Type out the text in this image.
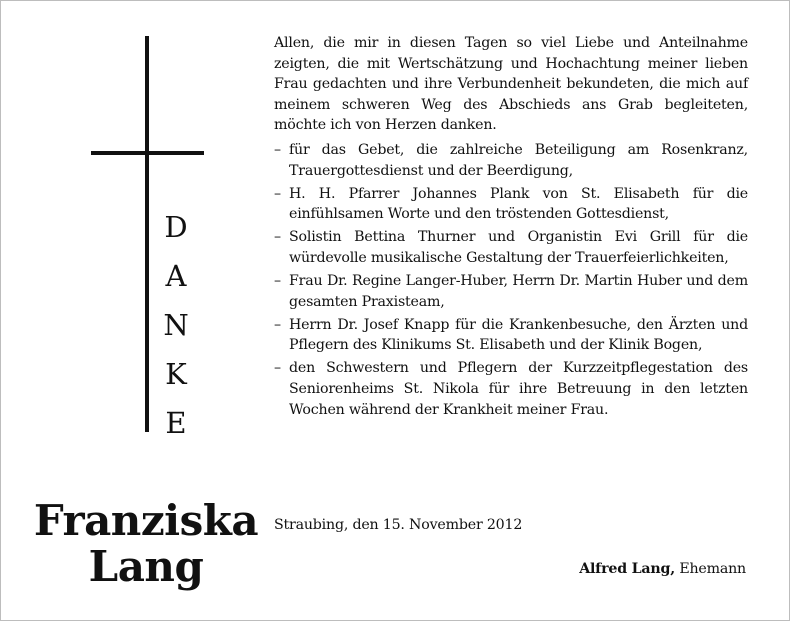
D
A
N
K
E
Franziska
Lang

Allen, die mir in diesen Tagen so viel Liebe und Anteilnahme zeigten, die mit Wertschätzung und Hochachtung meiner lieben Frau gedachten und ihre Verbundenheit bekundeten, die mich auf meinem schweren Weg des Abschieds ans Grab begleiteten, möchte ich von Herzen danken.

– für das Gebet, die zahlreiche Beteiligung am Rosenkranz, Trauergottesdienst und der Beerdigung,
– H. H. Pfarrer Johannes Plank von St. Elisabeth für die einfühlsamen Worte und den tröstenden Gottesdienst,
– Solistin Bettina Thurner und Organistin Evi Grill für die würdevolle musikalische Gestaltung der Trauerfeierlichkeiten,
– Frau Dr. Regine Langer-Huber, Herrn Dr. Martin Huber und dem gesamten Praxisteam,
– Herrn Dr. Josef Knapp für die Krankenbesuche, den Ärzten und Pflegern des Klinikums St. Elisabeth und der Klinik Bogen,
– den Schwestern und Pflegern der Kurzzeitpflegestation des Seniorenheims St. Nikola für ihre Betreuung in den letzten Wochen während der Krankheit meiner Frau.
Straubing, den 15. November 2012
Alfred Lang, Ehemann
